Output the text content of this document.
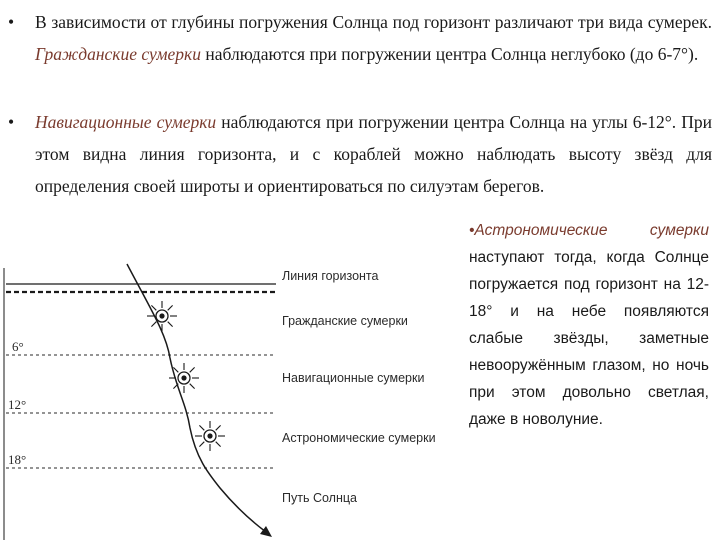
•	В зависимости от глубины погружения Солнца под горизонт различают три вида сумерек. Гражданские сумерки наблюдаются при погружении центра Солнца неглубоко (до 6-7°).
•	Навигационные сумерки наблюдаются при погружении центра Солнца на углы 6-12°. При этом видна линия горизонта, и с кораблей можно наблюдать высоту звёзд для определения своей широты и ориентироваться по силуэтам берегов.
•Астрономические сумерки наступают тогда, когда Солнце погружается под горизонт на 12-18° и на небе появляются слабые звёзды, заметные невооружённым глазом, но ночь при этом довольно светлая, даже в новолуние.
Линия горизонта
Гражданские сумерки
Навигационные сумерки
Астрономические сумерки
Путь Солнца
6°
12°
18°
